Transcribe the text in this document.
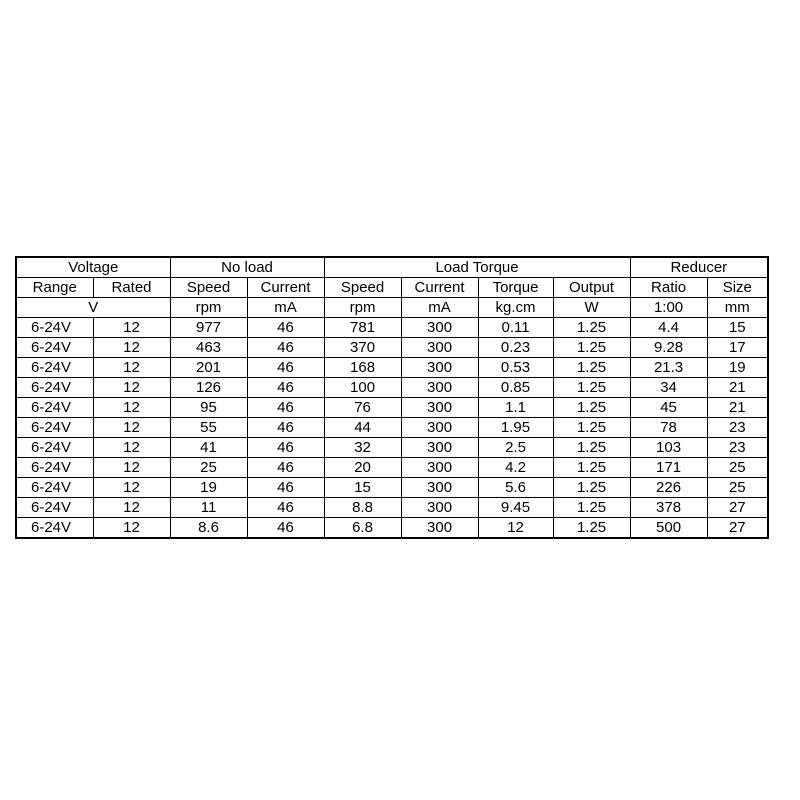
Voltage		No load		Load Torque				Reducer	
Range	Rated	Speed	Current	Speed	Current	Torque	Output	Ratio	Size
V		rpm	mA	rpm	mA	kg.cm	W	1:00	mm
6-24V	12	977	46	781	300	0.11	1.25	4.4	15
6-24V	12	463	46	370	300	0.23	1.25	9.28	17
6-24V	12	201	46	168	300	0.53	1.25	21.3	19
6-24V	12	126	46	100	300	0.85	1.25	34	21
6-24V	12	95	46	76	300	1.1	1.25	45	21
6-24V	12	55	46	44	300	1.95	1.25	78	23
6-24V	12	41	46	32	300	2.5	1.25	103	23
6-24V	12	25	46	20	300	4.2	1.25	171	25
6-24V	12	19	46	15	300	5.6	1.25	226	25
6-24V	12	11	46	8.8	300	9.45	1.25	378	27
6-24V	12	8.6	46	6.8	300	12	1.25	500	27
